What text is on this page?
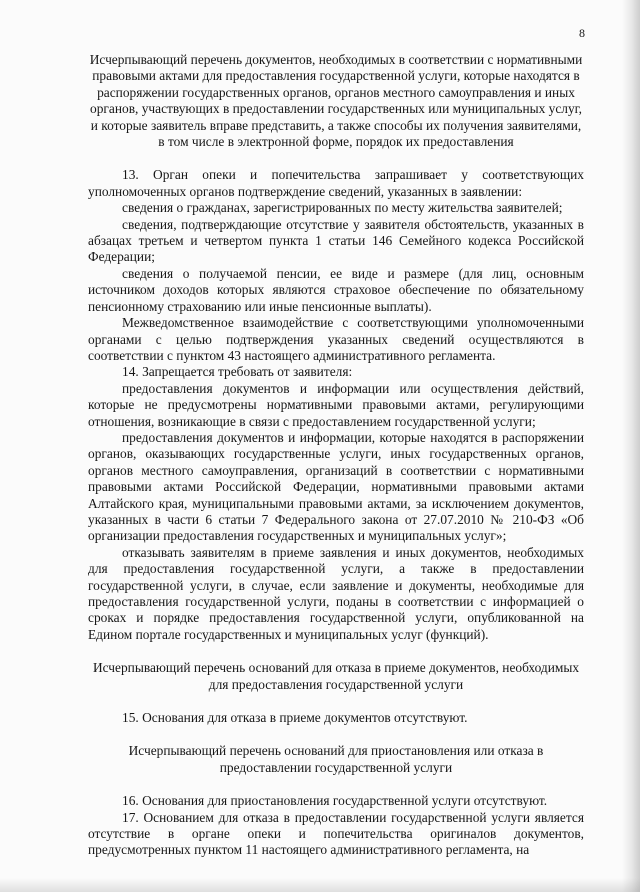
8

Исчерпывающий перечень документов, необходимых в соответствии с нормативными правовыми актами для предоставления государственной услуги, которые находятся в распоряжении государственных органов, органов местного самоуправления и иных органов, участвующих в предоставлении государственных или муниципальных услуг, и которые заявитель вправе представить, а также способы их получения заявителями, в том числе в электронной форме, порядок их предоставления

13. Орган опеки и попечительства запрашивает у соответствующих уполномоченных органов подтверждение сведений, указанных в заявлении:

сведения о гражданах, зарегистрированных по месту жительства заявителей;

сведения, подтверждающие отсутствие у заявителя обстоятельств, указанных в абзацах третьем и четвертом пункта 1 статьи 146 Семейного кодекса Российской Федерации;

сведения о получаемой пенсии, ее виде и размере (для лиц, основным источником доходов которых являются страховое обеспечение по обязательному пенсионному страхованию или иные пенсионные выплаты).

Межведомственное взаимодействие с соответствующими уполномоченными органами с целью подтверждения указанных сведений осуществляются в соответствии с пунктом 43 настоящего административного регламента.

14. Запрещается требовать от заявителя:

предоставления документов и информации или осуществления действий, которые не предусмотрены нормативными правовыми актами, регулирующими отношения, возникающие в связи с предоставлением государственной услуги;

предоставления документов и информации, которые находятся в распоряжении органов, оказывающих государственные услуги, иных государственных органов, органов местного самоуправления, организаций в соответствии с нормативными правовыми актами Российской Федерации, нормативными правовыми актами Алтайского края, муниципальными правовыми актами, за исключением документов, указанных в части 6 статьи 7 Федерального закона от 27.07.2010 № 210-ФЗ «Об организации предоставления государственных и муниципальных услуг»;

отказывать заявителям в приеме заявления и иных документов, необходимых для предоставления государственной услуги, а также в предоставлении государственной услуги, в случае, если заявление и документы, необходимые для предоставления государственной услуги, поданы в соответствии с информацией о сроках и порядке предоставления государственной услуги, опубликованной на Едином портале государственных и муниципальных услуг (функций).

Исчерпывающий перечень оснований для отказа в приеме документов, необходимых для предоставления государственной услуги

15. Основания для отказа в приеме документов отсутствуют.

Исчерпывающий перечень оснований для приостановления или отказа в предоставлении государственной услуги

16. Основания для приостановления государственной услуги отсутствуют.

17. Основанием для отказа в предоставлении государственной услуги является отсутствие в органе опеки и попечительства оригиналов документов, предусмотренных пунктом 11 настоящего административного регламента, на
